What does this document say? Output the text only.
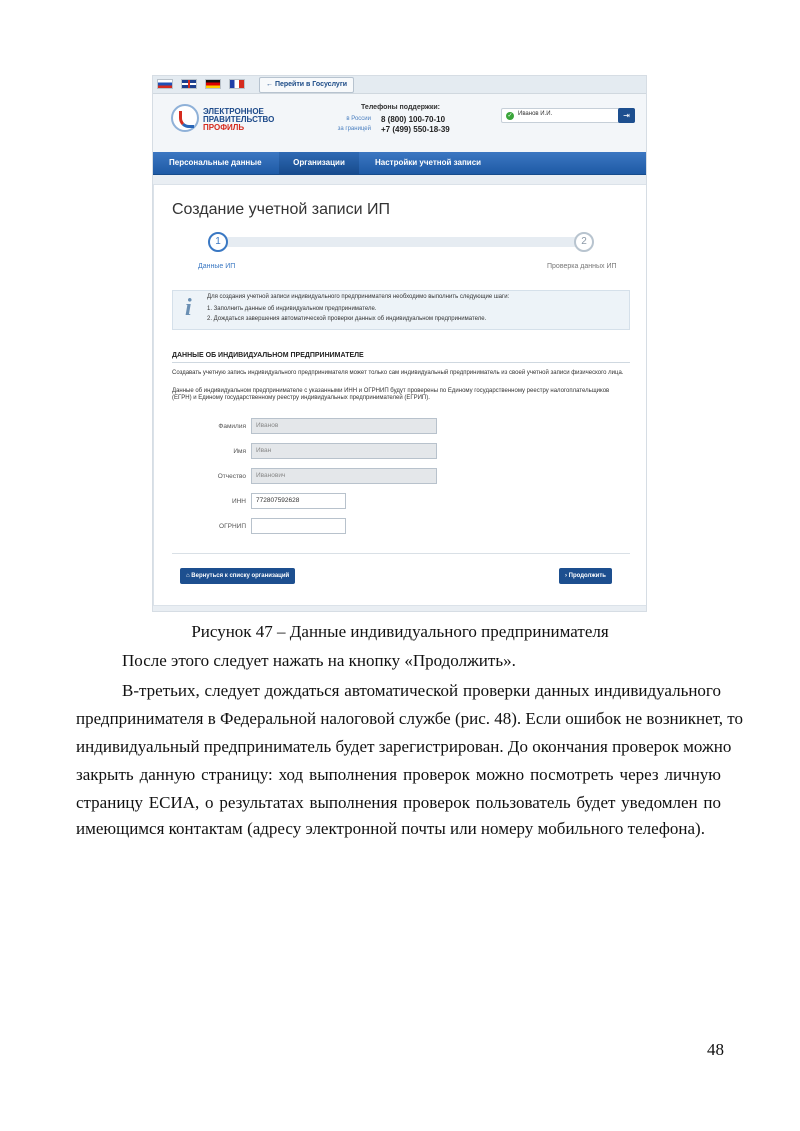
← Перейти в Госуслуги
ЭЛЕКТРОННОЕ
ПРАВИТЕЛЬСТВО
ПРОФИЛЬ
Телефоны поддержки:
в России 8 (800) 100-70-10
за границей +7 (499) 550-18-39
✓ Иванов И.И.	⇥
Персональные данные	Организации	Настройки учетной записи
Создание учетной записи ИП
1	2
Данные ИП	Проверка данных ИП
i	Для создания учетной записи индивидуального предпринимателя необходимо выполнить следующие шаги:
1. Заполнить данные об индивидуальном предпринимателе.
2. Дождаться завершения автоматической проверки данных об индивидуальном предпринимателе.
ДАННЫЕ ОБ ИНДИВИДУАЛЬНОМ ПРЕДПРИНИМАТЕЛЕ
Создавать учетную запись индивидуального предпринимателя может только сам индивидуальный предприниматель из своей учетной записи физического лица.
Данные об индивидуальном предпринимателе с указанными ИНН и ОГРНИП будут проверены по Единому государственному реестру налогоплательщиков (ЕГРН) и Единому государственному реестру индивидуальных предпринимателей (ЕГРИП).
Фамилия	Иванов
Имя	Иван
Отчество	Иванович
ИНН	772807592628
ОГРНИП
⌂ Вернуться к списку организаций	› Продолжить
Рисунок 47 – Данные индивидуального предпринимателя
После этого следует нажать на кнопку «Продолжить».
В-третьих, следует дождаться автоматической проверки данных индивидуального
предпринимателя в Федеральной налоговой службе (рис. 48). Если ошибок не возникнет, то
индивидуальный предприниматель будет зарегистрирован. До окончания проверок можно
закрыть данную страницу: ход выполнения проверок можно посмотреть через личную
страницу ЕСИА, о результатах выполнения проверок пользователь будет уведомлен по
имеющимся контактам (адресу электронной почты или номеру мобильного телефона).
48
